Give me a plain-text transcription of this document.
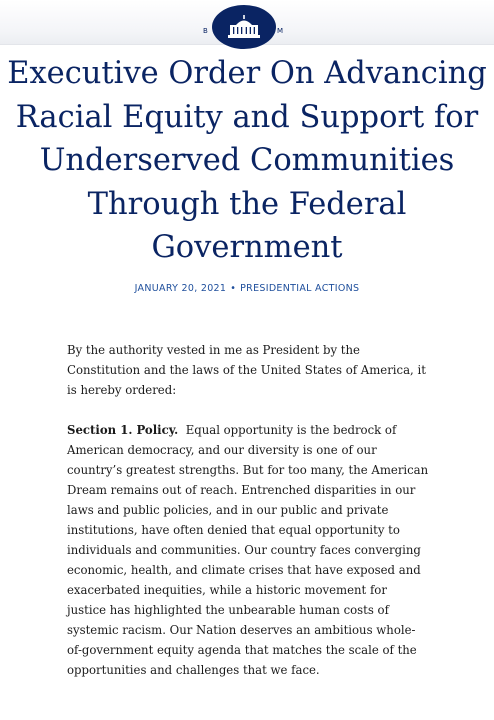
B	M
Executive Order On Advancing Racial Equity and Support for Underserved Communities Through the Federal Government
JANUARY 20, 2021 • PRESIDENTIAL ACTIONS

By the authority vested in me as President by the Constitution and the laws of the United States of America, it is hereby ordered:

Section 1. Policy. Equal opportunity is the bedrock of American democracy, and our diversity is one of our country’s greatest strengths. But for too many, the American Dream remains out of reach. Entrenched disparities in our laws and public policies, and in our public and private institutions, have often denied that equal opportunity to individuals and communities. Our country faces converging economic, health, and climate crises that have exposed and exacerbated inequities, while a historic movement for justice has highlighted the unbearable human costs of systemic racism. Our Nation deserves an ambitious whole-of-government equity agenda that matches the scale of the opportunities and challenges that we face.
